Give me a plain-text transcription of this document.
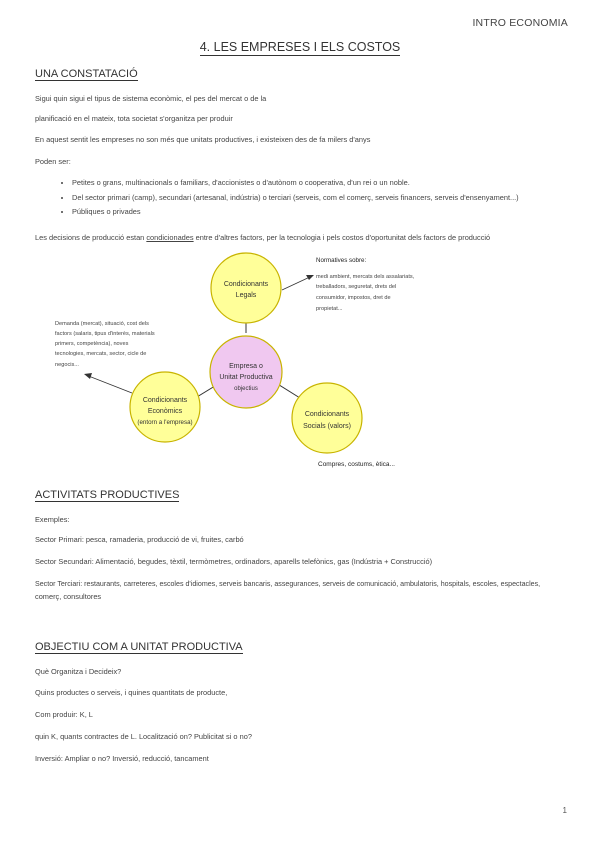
INTRO ECONOMIA
4. LES EMPRESES I ELS COSTOS
UNA CONSTATACIÓ
Sigui quin sigui el tipus de sistema econòmic, el pes del mercat o de la
planificació en el mateix, tota societat s'organitza per produir
En aquest sentit les empreses no son més que unitats productives, i existeixen des de fa milers d'anys
Poden ser:
• Petites o grans, multinacionals o familiars, d'accionistes o d'autònom o cooperativa, d'un rei o un noble.
• Del sector primari (camp), secundari (artesanal, indústria) o terciari (serveis, com el comerç, serveis financers, serveis d'ensenyament...)
• Públiques o privades
Les decisions de producció estan condicionades entre d'altres factors, per la tecnologia i pels costos d'oportunitat dels factors de producció
Condicionants
Legals
Empresa o
Unitat Productiva
objectius
Condicionants
Econòmics
(entorn a l'empresa)
Condicionants
Socials (valors)
Normatives sobre:
medi ambient, mercats dels assalariats,
treballadors, seguretat, drets del
consumidor, impostos, dret de
propietat...
Demanda (mercat), situació, cost dels
factors (salaris, tipus d'interès, materials
primers, competència), noves
tecnologies, mercats, sector, cicle de
negocis...
Compres, costums, ètica...
ACTIVITATS PRODUCTIVES
Exemples:
Sector Primari: pesca, ramaderia, producció de vi, fruites, carbó
Sector Secundari: Alimentació, begudes, tèxtil, termòmetres, ordinadors, aparells telefònics, gas (Indústria + Construcció)
Sector Terciari: restaurants, carreteres, escoles d'idiomes, serveis bancaris, assegurances, serveis de comunicació, ambulatoris, hospitals, escoles, espectacles,
comerç, consultores
OBJECTIU COM A UNITAT PRODUCTIVA
Què Organitza i Decideix?
Quins productes o serveis, i quines quantitats de producte,
Com produir: K, L
quin K, quants contractes de L. Localització on? Publicitat si o no?
Inversió: Ampliar o no? Inversió, reducció, tancament
1
